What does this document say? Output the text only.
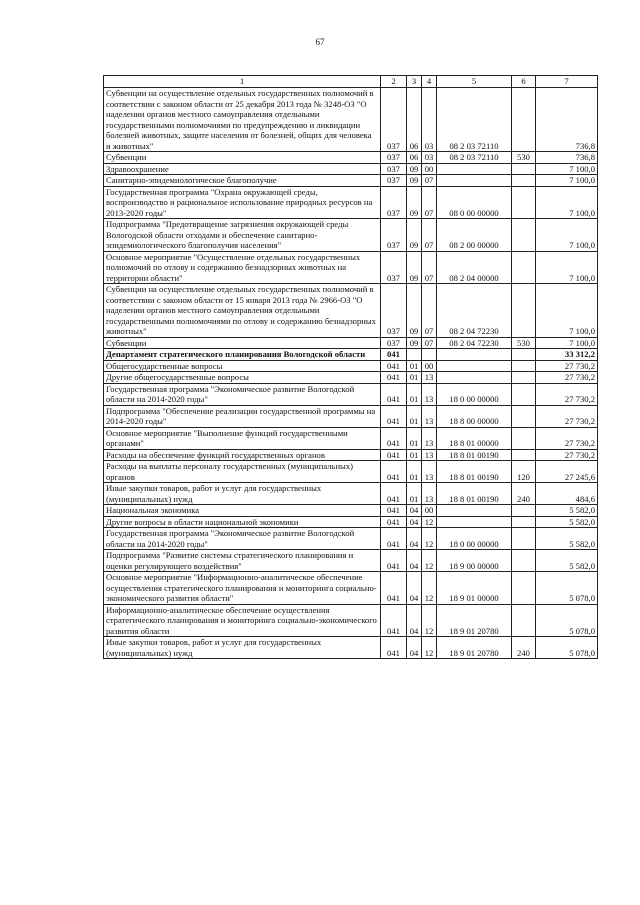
67
1	2	3	4	5	6	7
Субвенции на осуществление отдельных государственных полномочий в соответствии с законом области от 25 декабря 2013 года № 3248-ОЗ "О наделении органов местного самоуправления отдельными государственными полномочиями по предупреждению и ликвидации болезней животных, защите населения от болезней, общих для человека и животных"	037	06	03	08 2 03 72110		736,8
Субвенции	037	06	03	08 2 03 72110	530	736,8
Здравоохранение	037	09	00			7 100,0
Санитарно-эпидемиологическое благополучие	037	09	07			7 100,0
Государственная программа "Охрана окружающей среды, воспроизводство и рациональное использование природных ресурсов на 2013-2020 годы"	037	09	07	08 0 00 00000		7 100,0
Подпрограмма "Предотвращение загрязнения окружающей среды Вологодской области отходами и обеспечение санитарно-эпидемиологического благополучия населения"	037	09	07	08 2 00 00000		7 100,0
Основное мероприятие "Осуществление отдельных государственных полномочий по отлову и содержанию безнадзорных животных на территории области"	037	09	07	08 2 04 00000		7 100,0
Субвенции на осуществление отдельных государственных полномочий в соответствии с законом области от 15 января 2013 года № 2966-ОЗ "О наделении органов местного самоуправления отдельными государственными полномочиями по отлову и содержанию безнадзорных животных"	037	09	07	08 2 04 72230		7 100,0
Субвенции	037	09	07	08 2 04 72230	530	7 100,0
Департамент стратегического планирования Вологодской области	041					33 312,2
Общегосударственные вопросы	041	01	00			27 730,2
Другие общегосударственные вопросы	041	01	13			27 730,2
Государственная программа "Экономическое развитие Вологодской области на 2014-2020 годы"	041	01	13	18 0 00 00000		27 730,2
Подпрограмма "Обеспечение реализации государственной программы на 2014-2020 годы"	041	01	13	18 8 00 00000		27 730,2
Основное мероприятие "Выполнение функций государственными органами"	041	01	13	18 8 01 00000		27 730,2
Расходы на обеспечение функций государственных органов	041	01	13	18 8 01 00190		27 730,2
Расходы на выплаты персоналу государственных (муниципальных) органов	041	01	13	18 8 01 00190	120	27 245,6
Иные закупки товаров, работ и услуг для государственных (муниципальных) нужд	041	01	13	18 8 01 00190	240	484,6
Национальная экономика	041	04	00			5 582,0
Другие вопросы в области национальной экономики	041	04	12			5 582,0
Государственная программа "Экономическое развитие Вологодской области на 2014-2020 годы"	041	04	12	18 0 00 00000		5 582,0
Подпрограмма "Развитие системы стратегического планирования и оценки регулирующего воздействия"	041	04	12	18 9 00 00000		5 582,0
Основное мероприятие "Информационно-аналитическое обеспечение осуществления стратегического планирования и мониторинга социально-экономического развития области"	041	04	12	18 9 01 00000		5 078,0
Информационно-аналитическое обеспечение осуществления стратегического планирования и мониторинга социально-экономического развития области	041	04	12	18 9 01 20780		5 078,0
Иные закупки товаров, работ и услуг для государственных (муниципальных) нужд	041	04	12	18 9 01 20780	240	5 078,0
